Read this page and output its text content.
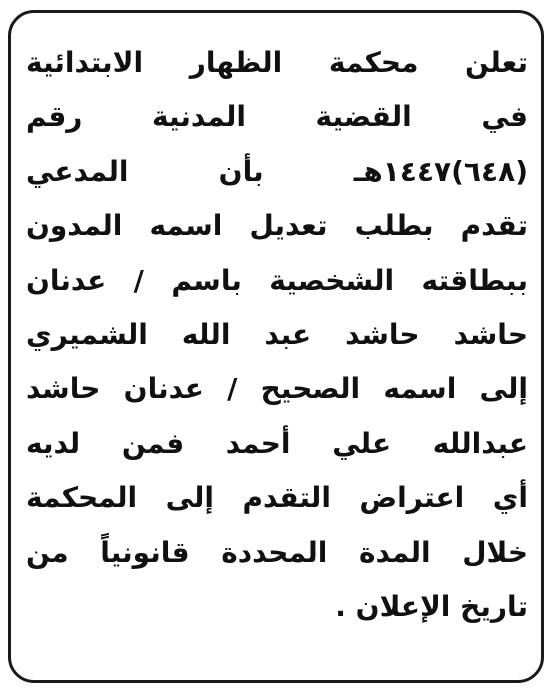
تعلن محكمة الظهار الابتدائية
في القضية المدنية رقم
(٦٤٨)١٤٤٧هـ بأن المدعي
تقدم بطلب تعديل اسمه المدون
ببطاقته الشخصية باسم / عدنان
حاشد حاشد عبد الله الشميري
إلى اسمه الصحيح / عدنان حاشد
عبدالله علي أحمد فمن لديه
أي اعتراض التقدم إلى المحكمة
خلال المدة المحددة قانونياً من
تاريخ الإعلان .
